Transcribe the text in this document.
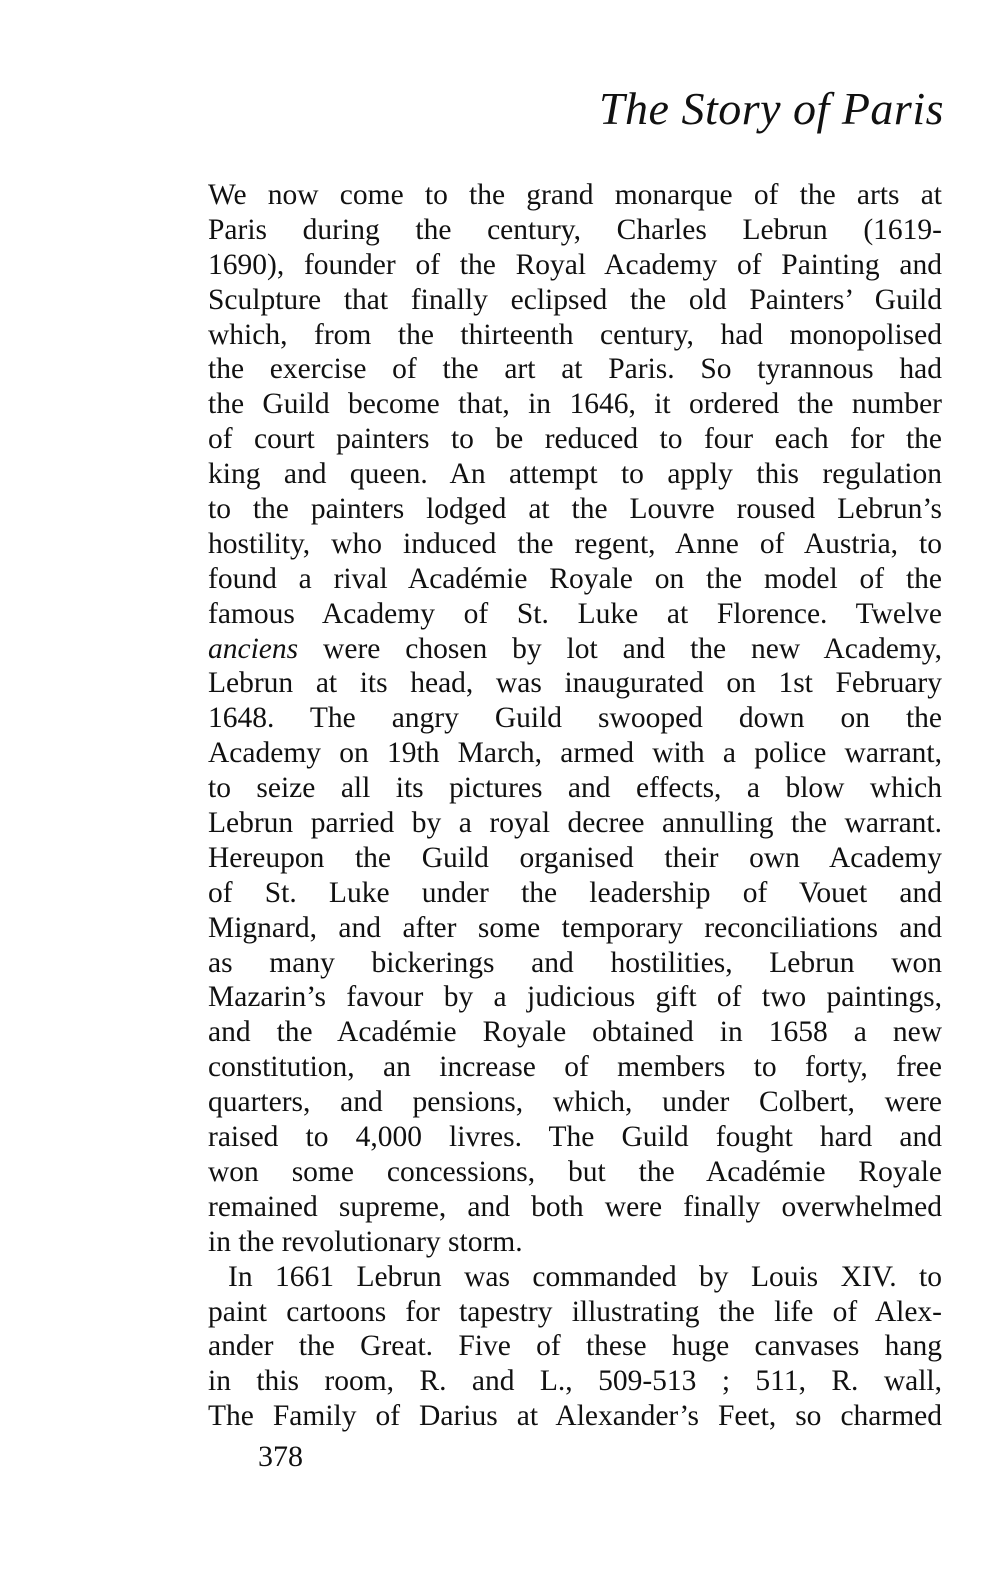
The Story of Paris
We now come to the grand monarque of the arts at
Paris during the century, Charles Lebrun (1619-
1690), founder of the Royal Academy of Painting and
Sculpture that finally eclipsed the old Painters’ Guild
which, from the thirteenth century, had monopolised
the exercise of the art at Paris. So tyrannous had
the Guild become that, in 1646, it ordered the number
of court painters to be reduced to four each for the
king and queen. An attempt to apply this regulation
to the painters lodged at the Louvre roused Lebrun’s
hostility, who induced the regent, Anne of Austria, to
found a rival Académie Royale on the model of the
famous Academy of St. Luke at Florence. Twelve
anciens were chosen by lot and the new Academy,
Lebrun at its head, was inaugurated on 1st February
1648. The angry Guild swooped down on the
Academy on 19th March, armed with a police warrant,
to seize all its pictures and effects, a blow which
Lebrun parried by a royal decree annulling the warrant.
Hereupon the Guild organised their own Academy
of St. Luke under the leadership of Vouet and
Mignard, and after some temporary reconciliations and
as many bickerings and hostilities, Lebrun won
Mazarin’s favour by a judicious gift of two paintings,
and the Académie Royale obtained in 1658 a new
constitution, an increase of members to forty, free
quarters, and pensions, which, under Colbert, were
raised to 4,000 livres. The Guild fought hard and
won some concessions, but the Académie Royale
remained supreme, and both were finally overwhelmed
in the revolutionary storm.
In 1661 Lebrun was commanded by Louis XIV. to
paint cartoons for tapestry illustrating the life of Alex-
ander the Great. Five of these huge canvases hang
in this room, R. and L., 509-513 ; 511, R. wall,
The Family of Darius at Alexander’s Feet, so charmed
378
